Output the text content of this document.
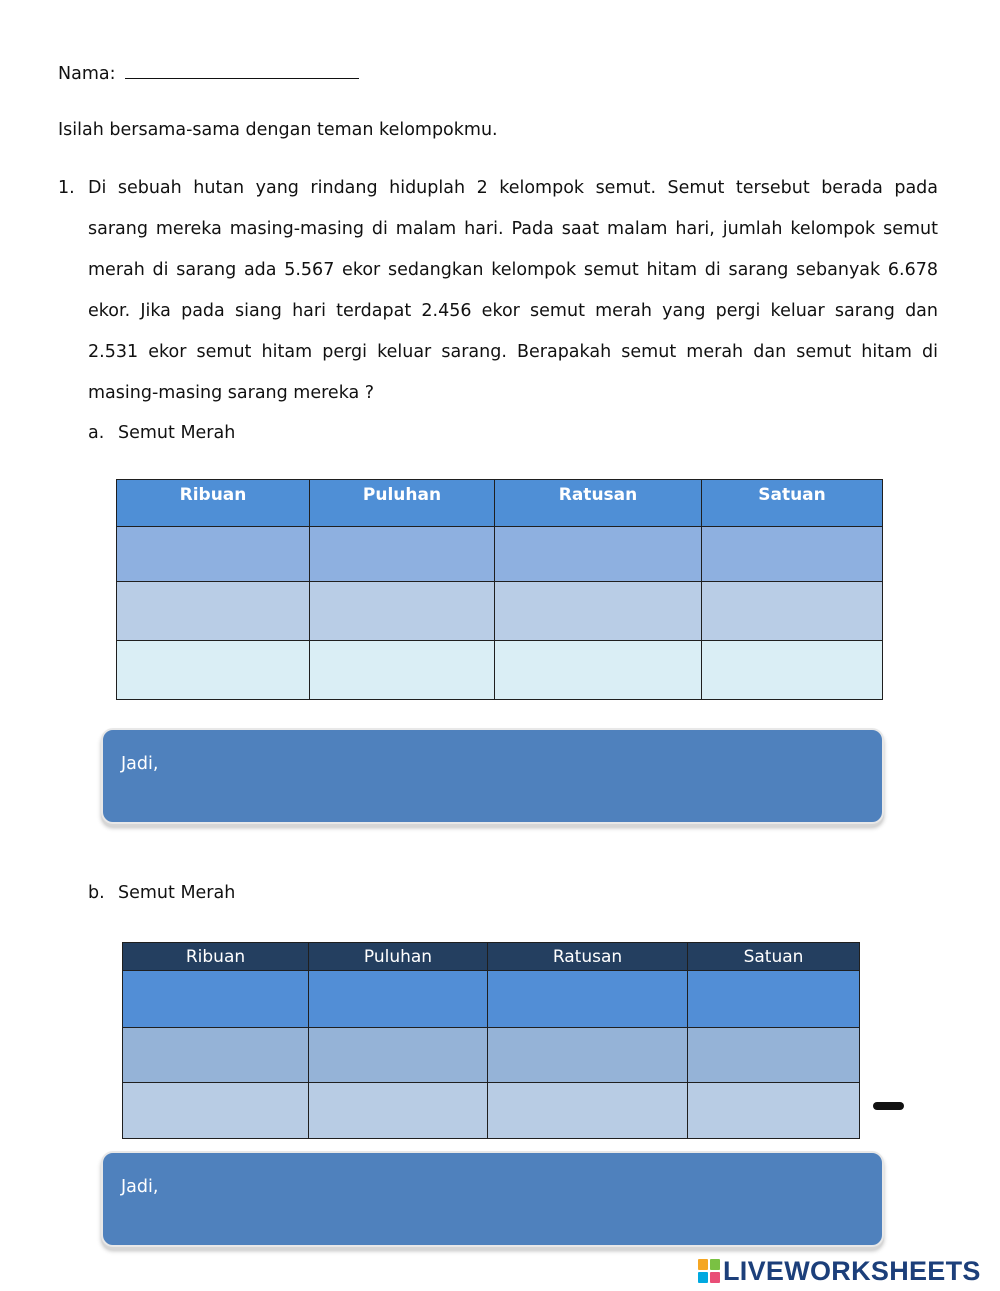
Nama:
Isilah bersama-sama dengan teman kelompokmu.
1. Di sebuah hutan yang rindang hiduplah 2 kelompok semut. Semut tersebut berada pada

sarang mereka masing-masing di malam hari. Pada saat malam hari, jumlah kelompok semut

merah di sarang ada 5.567 ekor sedangkan kelompok semut hitam di sarang sebanyak 6.678

ekor. Jika pada siang hari terdapat 2.456 ekor semut merah yang pergi keluar sarang dan

2.531 ekor semut hitam pergi keluar sarang. Berapakah semut merah dan semut hitam di

masing-masing sarang mereka ?

a. Semut Merah
Ribuan	Puluhan	Ratusan	Satuan

Jadi,
b. Semut Merah
Ribuan	Puluhan	Ratusan	Satuan

Jadi,
LIVEWORKSHEETS
